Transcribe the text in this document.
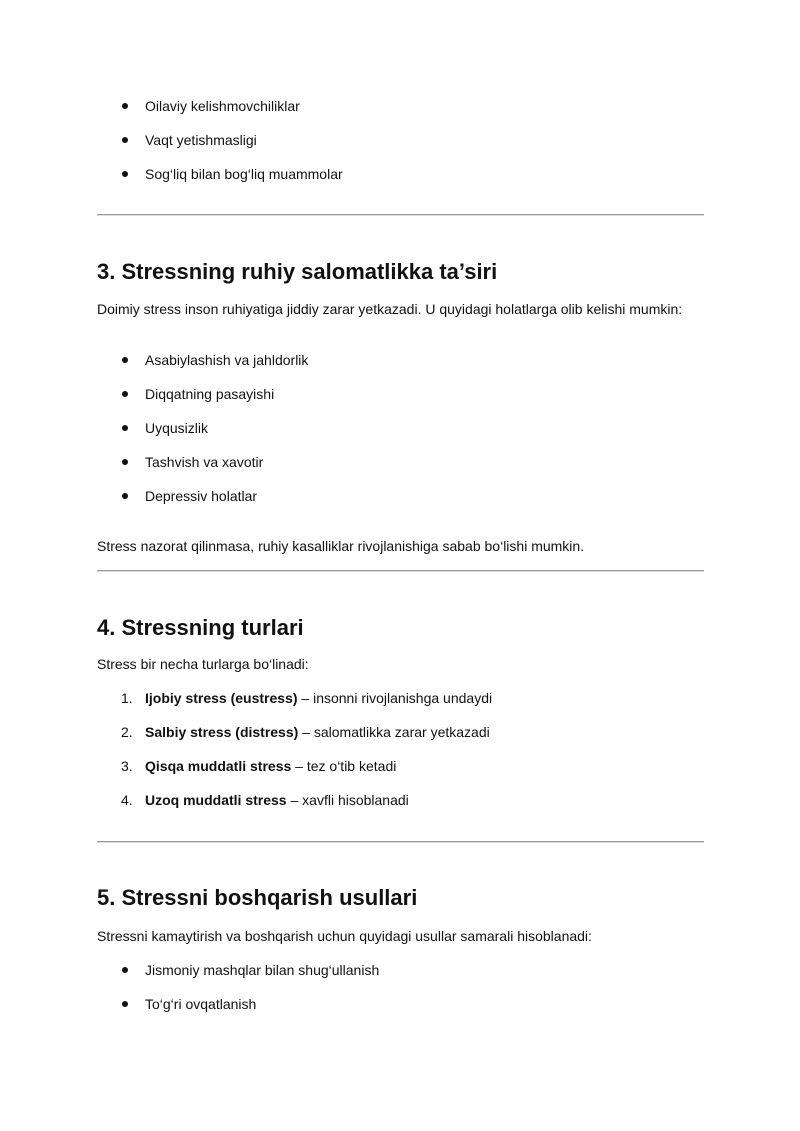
Oilaviy kelishmovchiliklar
Vaqt yetishmasligi
Sog‘liq bilan bog‘liq muammolar
3. Stressning ruhiy salomatlikka ta’siri

Doimiy stress inson ruhiyatiga jiddiy zarar yetkazadi. U quyidagi holatlarga olib kelishi mumkin:

Asabiylashish va jahldorlik
Diqqatning pasayishi
Uyqusizlik
Tashvish va xavotir
Depressiv holatlar

Stress nazorat qilinmasa, ruhiy kasalliklar rivojlanishiga sabab bo‘lishi mumkin.

4. Stressning turlari

Stress bir necha turlarga bo‘linadi:

1. Ijobiy stress (eustress) – insonni rivojlanishga undaydi
2. Salbiy stress (distress) – salomatlikka zarar yetkazadi
3. Qisqa muddatli stress – tez o‘tib ketadi
4. Uzoq muddatli stress – xavfli hisoblanadi
5. Stressni boshqarish usullari

Stressni kamaytirish va boshqarish uchun quyidagi usullar samarali hisoblanadi:

Jismoniy mashqlar bilan shug‘ullanish
To‘g‘ri ovqatlanish
